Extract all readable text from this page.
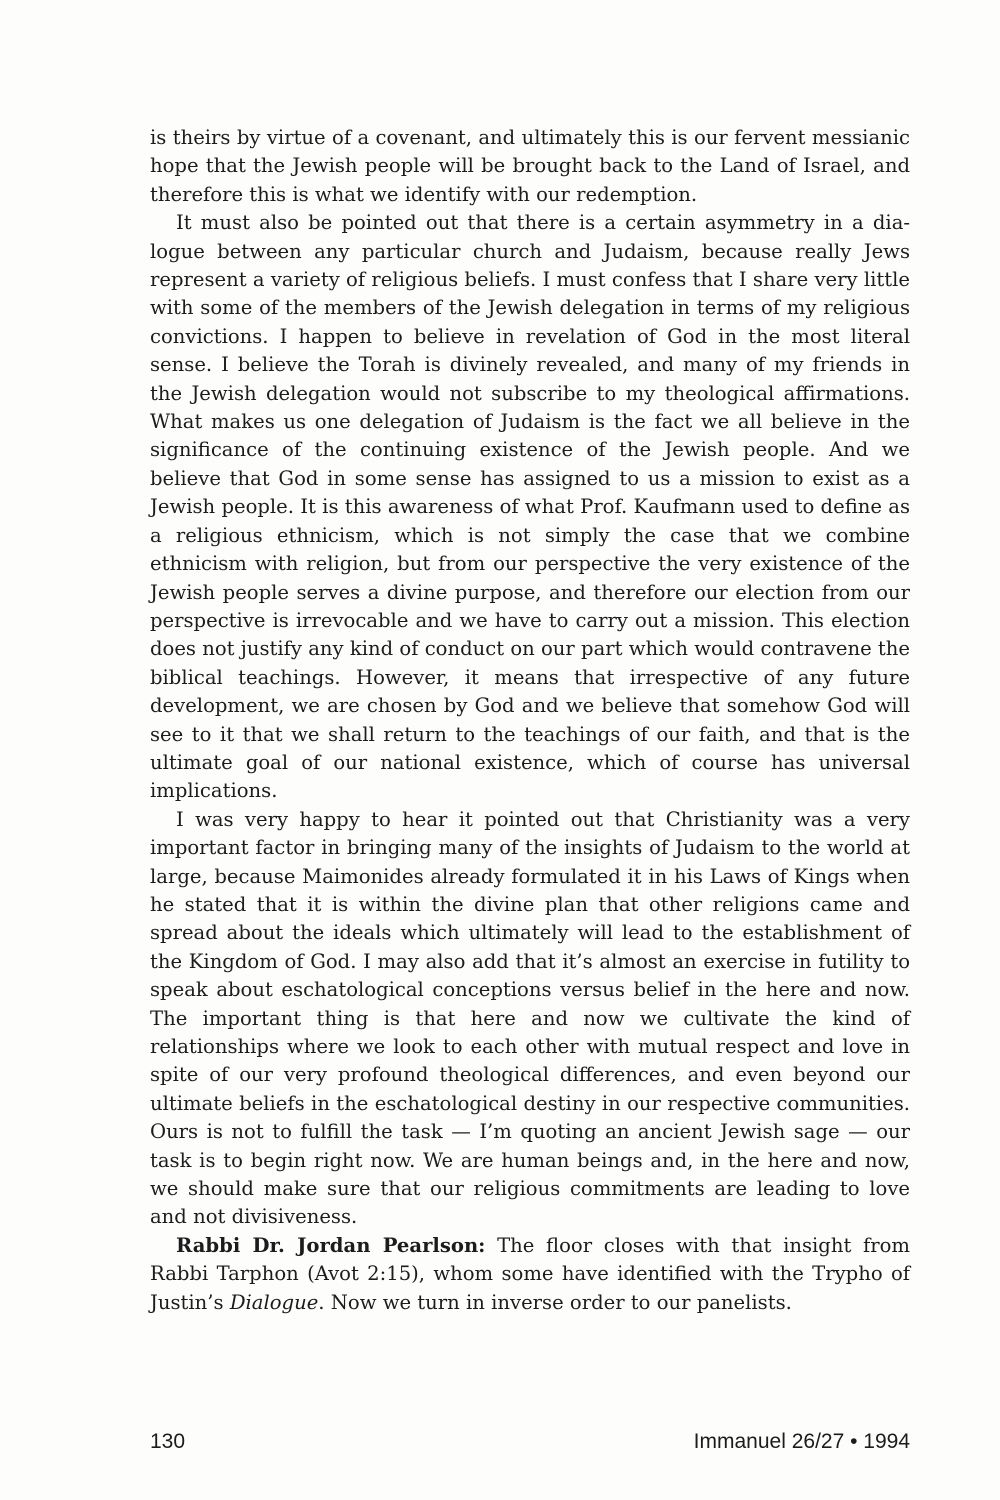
is theirs by virtue of a covenant, and ultimately this is our fervent messianic hope that the Jewish people will be brought back to the Land of Israel, and therefore this is what we identify with our redemption.

It must also be pointed out that there is a certain asymmetry in a dialogue between any particular church and Judaism, because really Jews represent a variety of religious beliefs. I must confess that I share very little with some of the members of the Jewish delegation in terms of my religious convictions. I happen to believe in revelation of God in the most literal sense. I believe the Torah is divinely revealed, and many of my friends in the Jewish delegation would not subscribe to my theological affirmations. What makes us one delegation of Judaism is the fact we all believe in the significance of the continuing existence of the Jewish people. And we believe that God in some sense has assigned to us a mission to exist as a Jewish people. It is this awareness of what Prof. Kaufmann used to define as a religious ethnicism, which is not simply the case that we combine ethnicism with religion, but from our perspective the very existence of the Jewish people serves a divine purpose, and therefore our election from our perspective is irrevocable and we have to carry out a mission. This election does not justify any kind of conduct on our part which would contravene the biblical teachings. However, it means that irrespective of any future development, we are chosen by God and we believe that somehow God will see to it that we shall return to the teachings of our faith, and that is the ultimate goal of our national existence, which of course has universal implications.

I was very happy to hear it pointed out that Christianity was a very important factor in bringing many of the insights of Judaism to the world at large, because Maimonides already formulated it in his Laws of Kings when he stated that it is within the divine plan that other religions came and spread about the ideals which ultimately will lead to the establishment of the Kingdom of God. I may also add that it’s almost an exercise in futility to speak about eschatological conceptions versus belief in the here and now. The important thing is that here and now we cultivate the kind of relationships where we look to each other with mutual respect and love in spite of our very profound theological differences, and even beyond our ultimate beliefs in the eschatological destiny in our respective communities. Ours is not to fulfill the task — I’m quoting an ancient Jewish sage — our task is to begin right now. We are human beings and, in the here and now, we should make sure that our religious commitments are leading to love and not divisiveness.

Rabbi Dr. Jordan Pearlson: The floor closes with that insight from Rabbi Tarphon (Avot 2:15), whom some have identified with the Trypho of Justin’s Dialogue. Now we turn in inverse order to our panelists.

130	Immanuel 26/27 • 1994
